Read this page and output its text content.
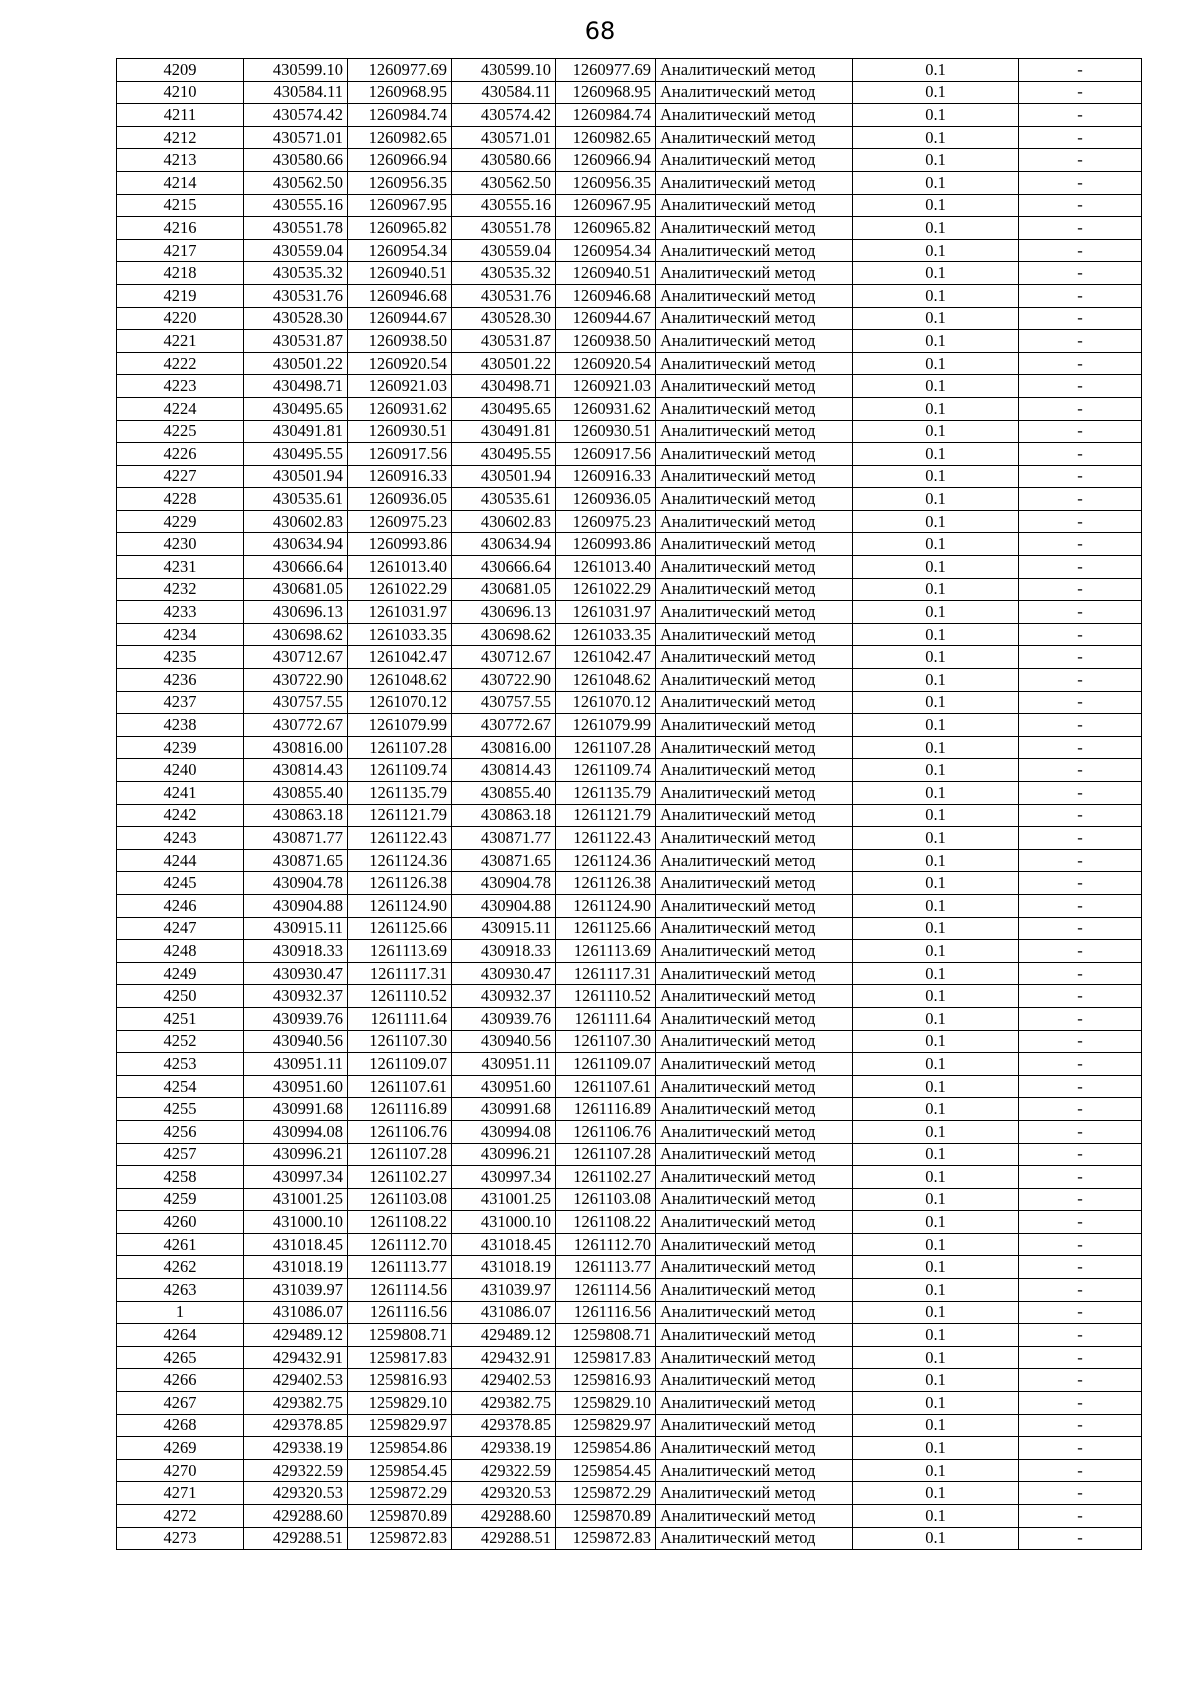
68
4209	430599.10	1260977.69	430599.10	1260977.69	Аналитический метод	0.1	-
4210	430584.11	1260968.95	430584.11	1260968.95	Аналитический метод	0.1	-
4211	430574.42	1260984.74	430574.42	1260984.74	Аналитический метод	0.1	-
4212	430571.01	1260982.65	430571.01	1260982.65	Аналитический метод	0.1	-
4213	430580.66	1260966.94	430580.66	1260966.94	Аналитический метод	0.1	-
4214	430562.50	1260956.35	430562.50	1260956.35	Аналитический метод	0.1	-
4215	430555.16	1260967.95	430555.16	1260967.95	Аналитический метод	0.1	-
4216	430551.78	1260965.82	430551.78	1260965.82	Аналитический метод	0.1	-
4217	430559.04	1260954.34	430559.04	1260954.34	Аналитический метод	0.1	-
4218	430535.32	1260940.51	430535.32	1260940.51	Аналитический метод	0.1	-
4219	430531.76	1260946.68	430531.76	1260946.68	Аналитический метод	0.1	-
4220	430528.30	1260944.67	430528.30	1260944.67	Аналитический метод	0.1	-
4221	430531.87	1260938.50	430531.87	1260938.50	Аналитический метод	0.1	-
4222	430501.22	1260920.54	430501.22	1260920.54	Аналитический метод	0.1	-
4223	430498.71	1260921.03	430498.71	1260921.03	Аналитический метод	0.1	-
4224	430495.65	1260931.62	430495.65	1260931.62	Аналитический метод	0.1	-
4225	430491.81	1260930.51	430491.81	1260930.51	Аналитический метод	0.1	-
4226	430495.55	1260917.56	430495.55	1260917.56	Аналитический метод	0.1	-
4227	430501.94	1260916.33	430501.94	1260916.33	Аналитический метод	0.1	-
4228	430535.61	1260936.05	430535.61	1260936.05	Аналитический метод	0.1	-
4229	430602.83	1260975.23	430602.83	1260975.23	Аналитический метод	0.1	-
4230	430634.94	1260993.86	430634.94	1260993.86	Аналитический метод	0.1	-
4231	430666.64	1261013.40	430666.64	1261013.40	Аналитический метод	0.1	-
4232	430681.05	1261022.29	430681.05	1261022.29	Аналитический метод	0.1	-
4233	430696.13	1261031.97	430696.13	1261031.97	Аналитический метод	0.1	-
4234	430698.62	1261033.35	430698.62	1261033.35	Аналитический метод	0.1	-
4235	430712.67	1261042.47	430712.67	1261042.47	Аналитический метод	0.1	-
4236	430722.90	1261048.62	430722.90	1261048.62	Аналитический метод	0.1	-
4237	430757.55	1261070.12	430757.55	1261070.12	Аналитический метод	0.1	-
4238	430772.67	1261079.99	430772.67	1261079.99	Аналитический метод	0.1	-
4239	430816.00	1261107.28	430816.00	1261107.28	Аналитический метод	0.1	-
4240	430814.43	1261109.74	430814.43	1261109.74	Аналитический метод	0.1	-
4241	430855.40	1261135.79	430855.40	1261135.79	Аналитический метод	0.1	-
4242	430863.18	1261121.79	430863.18	1261121.79	Аналитический метод	0.1	-
4243	430871.77	1261122.43	430871.77	1261122.43	Аналитический метод	0.1	-
4244	430871.65	1261124.36	430871.65	1261124.36	Аналитический метод	0.1	-
4245	430904.78	1261126.38	430904.78	1261126.38	Аналитический метод	0.1	-
4246	430904.88	1261124.90	430904.88	1261124.90	Аналитический метод	0.1	-
4247	430915.11	1261125.66	430915.11	1261125.66	Аналитический метод	0.1	-
4248	430918.33	1261113.69	430918.33	1261113.69	Аналитический метод	0.1	-
4249	430930.47	1261117.31	430930.47	1261117.31	Аналитический метод	0.1	-
4250	430932.37	1261110.52	430932.37	1261110.52	Аналитический метод	0.1	-
4251	430939.76	1261111.64	430939.76	1261111.64	Аналитический метод	0.1	-
4252	430940.56	1261107.30	430940.56	1261107.30	Аналитический метод	0.1	-
4253	430951.11	1261109.07	430951.11	1261109.07	Аналитический метод	0.1	-
4254	430951.60	1261107.61	430951.60	1261107.61	Аналитический метод	0.1	-
4255	430991.68	1261116.89	430991.68	1261116.89	Аналитический метод	0.1	-
4256	430994.08	1261106.76	430994.08	1261106.76	Аналитический метод	0.1	-
4257	430996.21	1261107.28	430996.21	1261107.28	Аналитический метод	0.1	-
4258	430997.34	1261102.27	430997.34	1261102.27	Аналитический метод	0.1	-
4259	431001.25	1261103.08	431001.25	1261103.08	Аналитический метод	0.1	-
4260	431000.10	1261108.22	431000.10	1261108.22	Аналитический метод	0.1	-
4261	431018.45	1261112.70	431018.45	1261112.70	Аналитический метод	0.1	-
4262	431018.19	1261113.77	431018.19	1261113.77	Аналитический метод	0.1	-
4263	431039.97	1261114.56	431039.97	1261114.56	Аналитический метод	0.1	-
1	431086.07	1261116.56	431086.07	1261116.56	Аналитический метод	0.1	-
4264	429489.12	1259808.71	429489.12	1259808.71	Аналитический метод	0.1	-
4265	429432.91	1259817.83	429432.91	1259817.83	Аналитический метод	0.1	-
4266	429402.53	1259816.93	429402.53	1259816.93	Аналитический метод	0.1	-
4267	429382.75	1259829.10	429382.75	1259829.10	Аналитический метод	0.1	-
4268	429378.85	1259829.97	429378.85	1259829.97	Аналитический метод	0.1	-
4269	429338.19	1259854.86	429338.19	1259854.86	Аналитический метод	0.1	-
4270	429322.59	1259854.45	429322.59	1259854.45	Аналитический метод	0.1	-
4271	429320.53	1259872.29	429320.53	1259872.29	Аналитический метод	0.1	-
4272	429288.60	1259870.89	429288.60	1259870.89	Аналитический метод	0.1	-
4273	429288.51	1259872.83	429288.51	1259872.83	Аналитический метод	0.1	-
